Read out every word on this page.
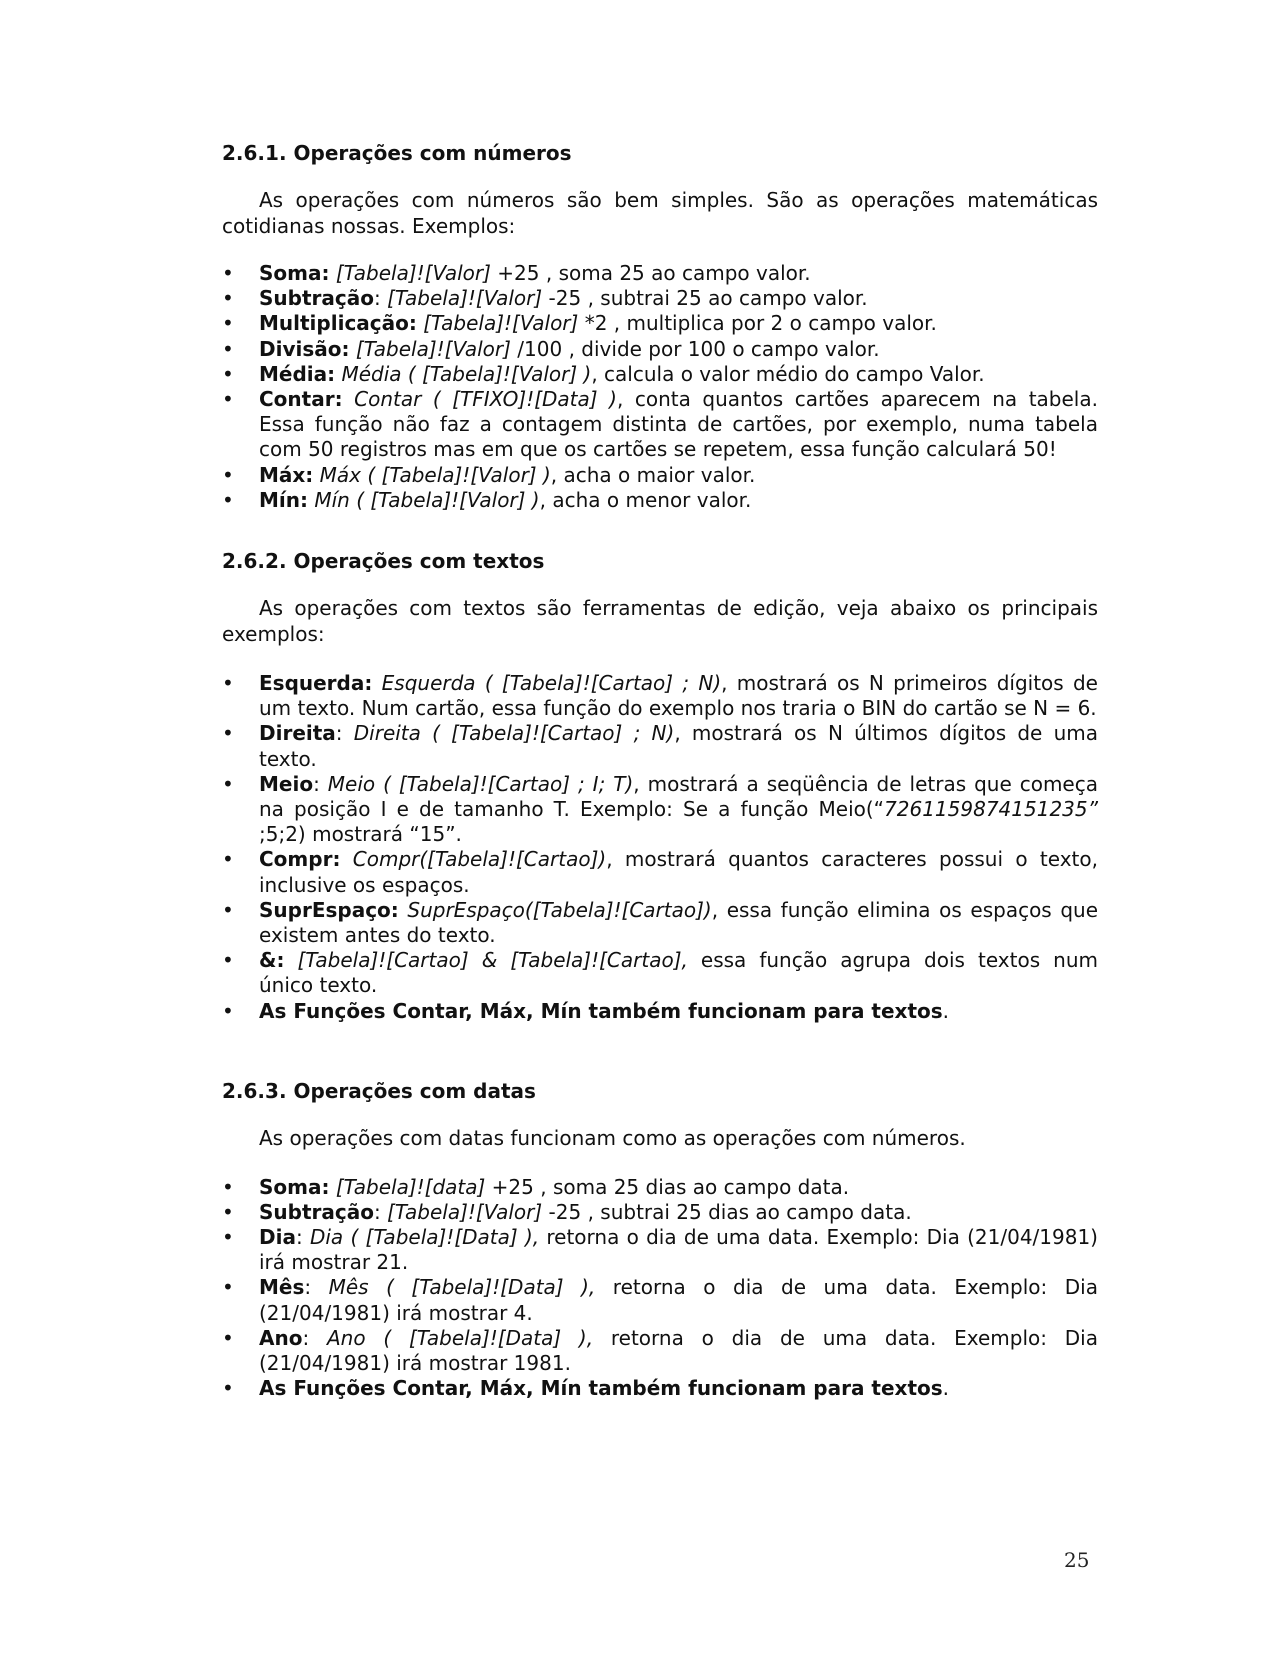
2.6.1. Operações com números

As operações com números são bem simples. São as operações matemáticas cotidianas nossas. Exemplos:

• Soma: [Tabela]![Valor] +25 , soma 25 ao campo valor.
• Subtração: [Tabela]![Valor] -25 , subtrai 25 ao campo valor.
• Multiplicação: [Tabela]![Valor] *2 , multiplica por 2 o campo valor.
• Divisão: [Tabela]![Valor] /100 , divide por 100 o campo valor.
• Média: Média ( [Tabela]![Valor] ), calcula o valor médio do campo Valor.
• Contar: Contar ( [TFIXO]![Data] ), conta quantos cartões aparecem na tabela. Essa função não faz a contagem distinta de cartões, por exemplo, numa tabela com 50 registros mas em que os cartões se repetem, essa função calculará 50!
• Máx: Máx ( [Tabela]![Valor] ), acha o maior valor.
• Mín: Mín ( [Tabela]![Valor] ), acha o menor valor.
2.6.2. Operações com textos

As operações com textos são ferramentas de edição, veja abaixo os principais exemplos:

• Esquerda: Esquerda ( [Tabela]![Cartao] ; N), mostrará os N primeiros dígitos de um texto. Num cartão, essa função do exemplo nos traria o BIN do cartão se N = 6.
• Direita: Direita ( [Tabela]![Cartao] ; N), mostrará os N últimos dígitos de uma texto.
• Meio: Meio ( [Tabela]![Cartao] ; I; T), mostrará a seqüência de letras que começa na posição I e de tamanho T. Exemplo: Se a função Meio(“7261159874151235” ;5;2) mostrará “15”.
• Compr: Compr([Tabela]![Cartao]), mostrará quantos caracteres possui o texto, inclusive os espaços.
• SuprEspaço: SuprEspaço([Tabela]![Cartao]), essa função elimina os espaços que existem antes do texto.
• &: [Tabela]![Cartao] & [Tabela]![Cartao], essa função agrupa dois textos num único texto.
• As Funções Contar, Máx, Mín também funcionam para textos.
2.6.3. Operações com datas

As operações com datas funcionam como as operações com números.

• Soma: [Tabela]![data] +25 , soma 25 dias ao campo data.
• Subtração: [Tabela]![Valor] -25 , subtrai 25 dias ao campo data.
• Dia: Dia ( [Tabela]![Data] ), retorna o dia de uma data. Exemplo: Dia (21/04/1981) irá mostrar 21.
• Mês: Mês ( [Tabela]![Data] ), retorna o dia de uma data. Exemplo: Dia (21/04/1981) irá mostrar 4.
• Ano: Ano ( [Tabela]![Data] ), retorna o dia de uma data. Exemplo: Dia (21/04/1981) irá mostrar 1981.
• As Funções Contar, Máx, Mín também funcionam para textos.
25
